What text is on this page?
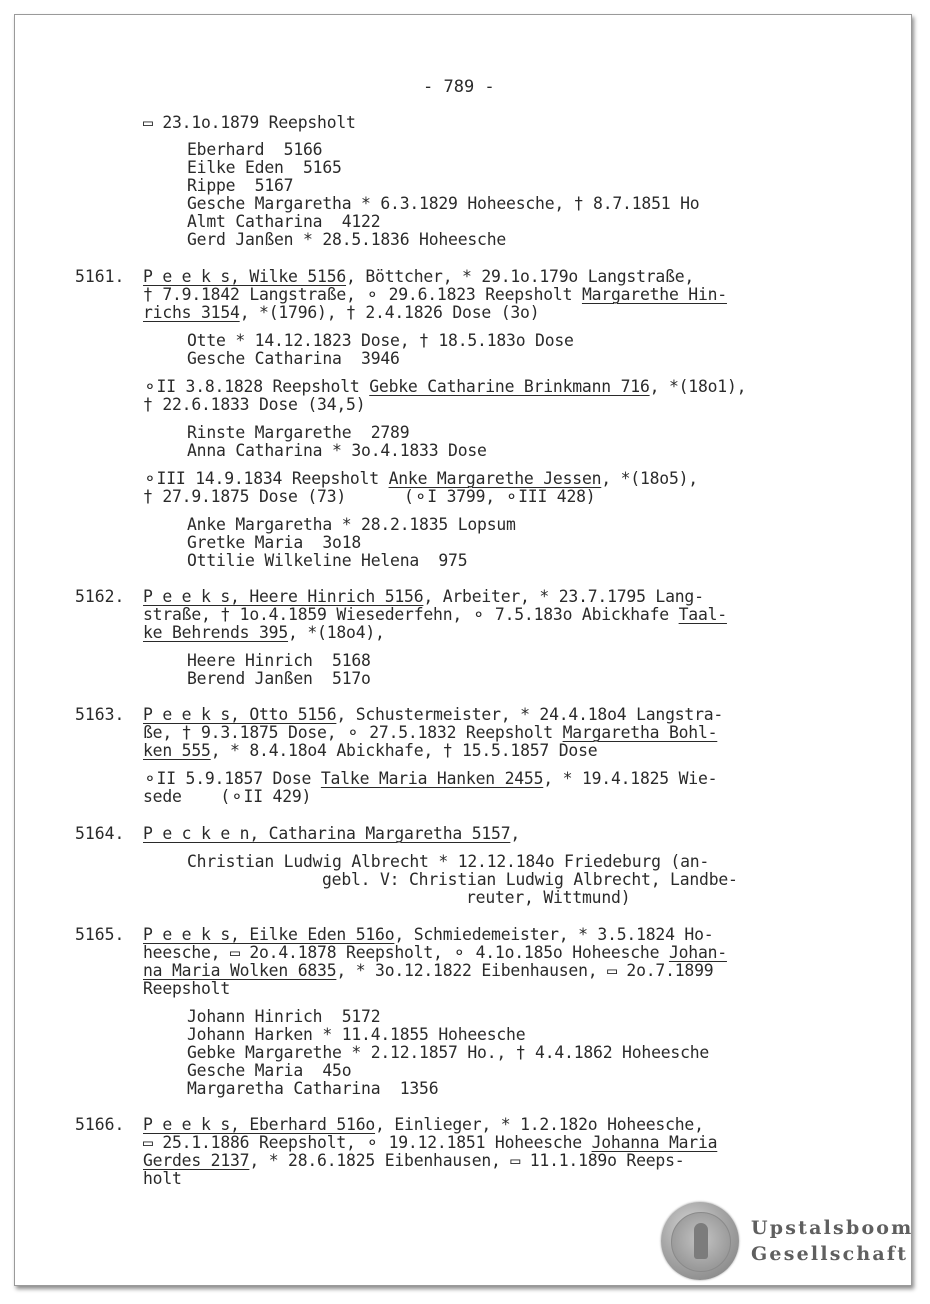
- 789 -
▭ 23.1o.1879 Reepsholt
Eberhard  5166
Eilke Eden  5165
Rippe  5167
Gesche Margaretha * 6.3.1829 Hoheesche, † 8.7.1851 Ho
Almt Catharina  4122
Gerd Janßen * 28.5.1836 Hoheesche
5161. P e e k s, Wilke 5156, Böttcher, * 29.1o.179o Langstraße,
† 7.9.1842 Langstraße, ⚬ 29.6.1823 Reepsholt Margarethe Hin-
richs 3154, *(1796), † 2.4.1826 Dose (3o)
Otte * 14.12.1823 Dose, † 18.5.183o Dose
Gesche Catharina  3946
⚬II 3.8.1828 Reepsholt Gebke Catharine Brinkmann 716, *(18o1),
† 22.6.1833 Dose (34,5)
Rinste Margarethe  2789
Anna Catharina * 3o.4.1833 Dose
⚬III 14.9.1834 Reepsholt Anke Margarethe Jessen, *(18o5),
† 27.9.1875 Dose (73)      (⚬I 3799, ⚬III 428)
Anke Margaretha * 28.2.1835 Lopsum
Gretke Maria  3o18
Ottilie Wilkeline Helena  975
5162. P e e k s, Heere Hinrich 5156, Arbeiter, * 23.7.1795 Lang-
straße, † 1o.4.1859 Wiesederfehn, ⚬ 7.5.183o Abickhafe Taal-
ke Behrends 395, *(18o4),
Heere Hinrich  5168
Berend Janßen  517o
5163. P e e k s, Otto 5156, Schustermeister, * 24.4.18o4 Langstra-
ße, † 9.3.1875 Dose, ⚬ 27.5.1832 Reepsholt Margaretha Bohl-
ken 555, * 8.4.18o4 Abickhafe, † 15.5.1857 Dose
⚬II 5.9.1857 Dose Talke Maria Hanken 2455, * 19.4.1825 Wie-
sede    (⚬II 429)
5164. P e c k e n, Catharina Margaretha 5157,
Christian Ludwig Albrecht * 12.12.184o Friedeburg (an-
gebl. V: Christian Ludwig Albrecht, Landbe-
reuter, Wittmund)
5165. P e e k s, Eilke Eden 516o, Schmiedemeister, * 3.5.1824 Ho-
heesche, ▭ 2o.4.1878 Reepsholt, ⚬ 4.1o.185o Hoheesche Johan-
na Maria Wolken 6835, * 3o.12.1822 Eibenhausen, ▭ 2o.7.1899
Reepsholt
Johann Hinrich  5172
Johann Harken * 11.4.1855 Hoheesche
Gebke Margarethe * 2.12.1857 Ho., † 4.4.1862 Hoheesche
Gesche Maria  45o
Margaretha Catharina  1356
5166. P e e k s, Eberhard 516o, Einlieger, * 1.2.182o Hoheesche,
▭ 25.1.1886 Reepsholt, ⚬ 19.12.1851 Hoheesche Johanna Maria
Gerdes 2137, * 28.6.1825 Eibenhausen, ▭ 11.1.189o Reeps-
holt
Upstalsboom
Gesellschaft
